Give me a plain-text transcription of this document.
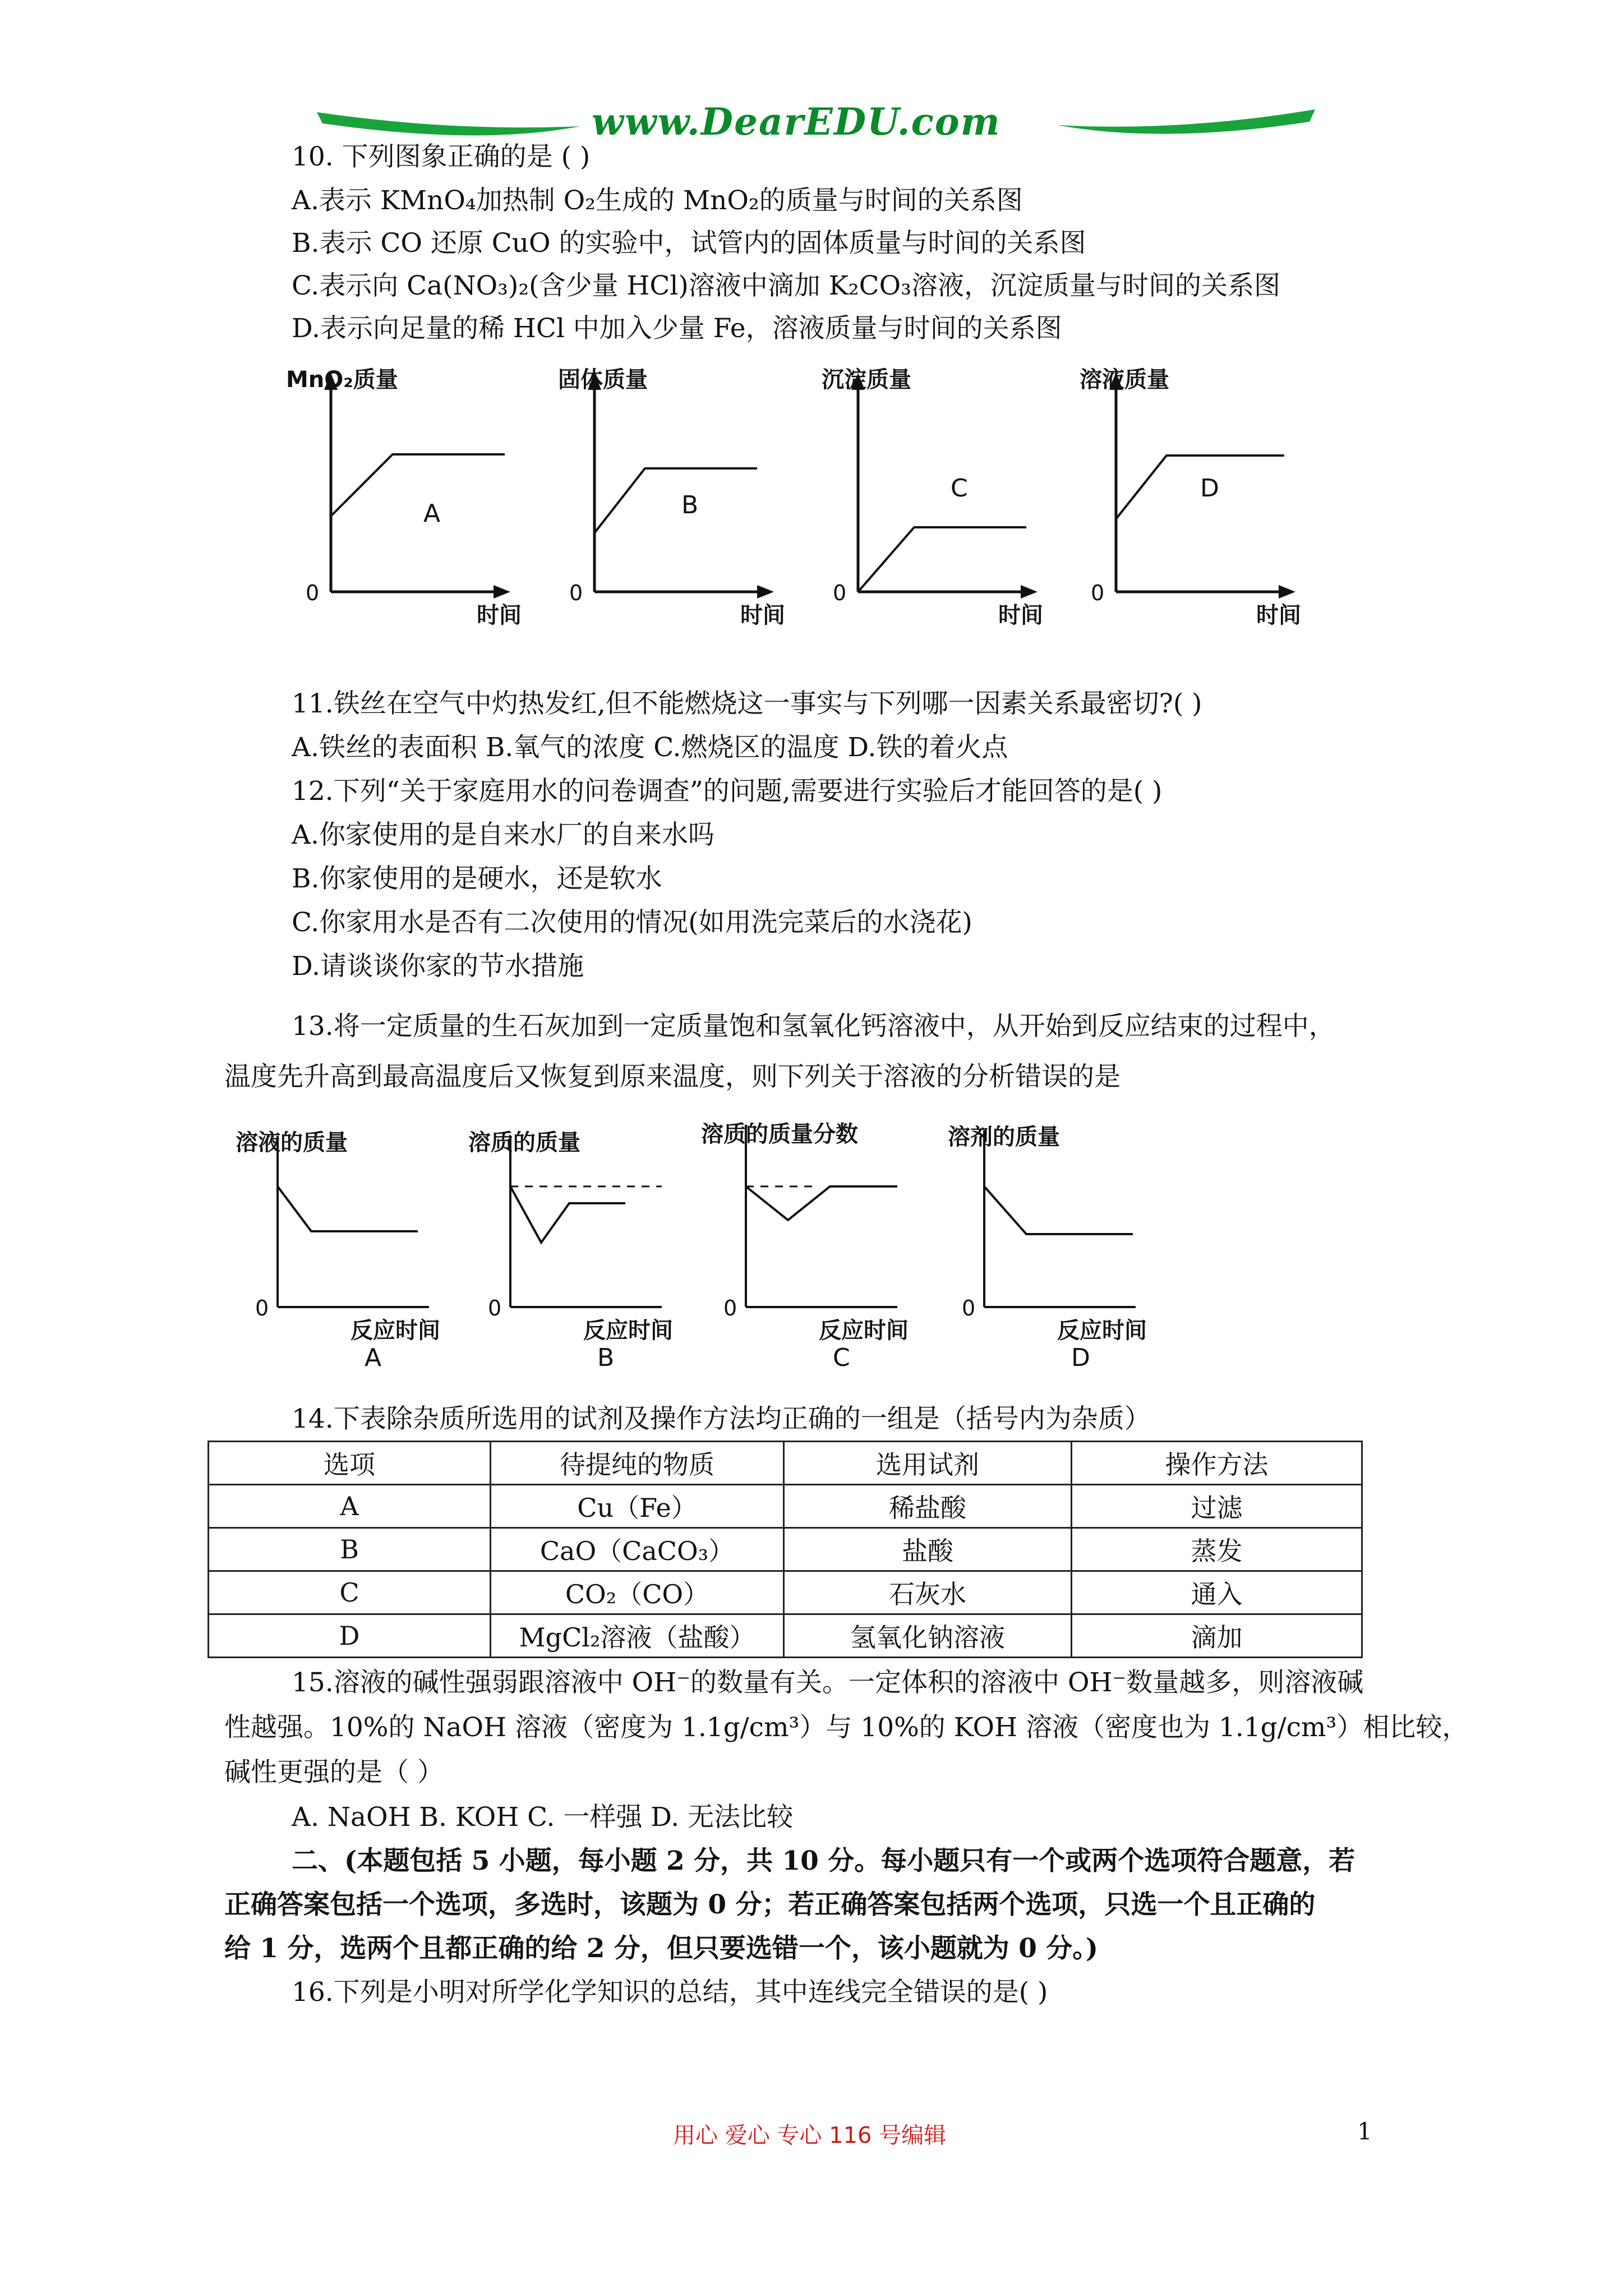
www.DearEDU.com
10. 下列图象正确的是 ( )
A.表示 KMnO₄加热制 O₂生成的 MnO₂的质量与时间的关系图
B.表示 CO 还原 CuO 的实验中，试管内的固体质量与时间的关系图
C.表示向 Ca(NO₃)₂(含少量 HCl)溶液中滴加 K₂CO₃溶液，沉淀质量与时间的关系图
D.表示向足量的稀 HCl 中加入少量 Fe，溶液质量与时间的关系图
MnO₂质量
A
0
时间
固体质量
B
0
时间
沉淀质量
C
0
时间
溶液质量
D
0
时间
11.铁丝在空气中灼热发红,但不能燃烧这一事实与下列哪一因素关系最密切?( )
A.铁丝的表面积 B.氧气的浓度 C.燃烧区的温度 D.铁的着火点
12.下列“关于家庭用水的问卷调查”的问题,需要进行实验后才能回答的是( )
A.你家使用的是自来水厂的自来水吗
B.你家使用的是硬水，还是软水
C.你家用水是否有二次使用的情况(如用洗完菜后的水浇花)
D.请谈谈你家的节水措施
13.将一定质量的生石灰加到一定质量饱和氢氧化钙溶液中，从开始到反应结束的过程中，
温度先升高到最高温度后又恢复到原来温度，则下列关于溶液的分析错误的是
溶液的质量
0
反应时间
A
溶质的质量
0
反应时间
B
溶质的质量分数
0
反应时间
C
溶剂的质量
0
反应时间
D
14.下表除杂质所选用的试剂及操作方法均正确的一组是（括号内为杂质）
选项	待提纯的物质	选用试剂	操作方法
A	Cu（Fe）	稀盐酸	过滤
B	CaO（CaCO₃）	盐酸	蒸发
C	CO₂（CO）	石灰水	通入
D	MgCl₂溶液（盐酸）	氢氧化钠溶液	滴加
15.溶液的碱性强弱跟溶液中 OH⁻的数量有关。一定体积的溶液中 OH⁻数量越多，则溶液碱
性越强。10%的 NaOH 溶液（密度为 1.1g/cm³）与 10%的 KOH 溶液（密度也为 1.1g/cm³）相比较，
碱性更强的是（ ）
A. NaOH B. KOH C. 一样强 D. 无法比较
二、(本题包括 5 小题，每小题 2 分，共 10 分。每小题只有一个或两个选项符合题意，若
正确答案包括一个选项，多选时，该题为 0 分；若正确答案包括两个选项，只选一个且正确的
给 1 分，选两个且都正确的给 2 分，但只要选错一个，该小题就为 0 分。)
16.下列是小明对所学化学知识的总结，其中连线完全错误的是( )
用心 爱心 专心 116 号编辑	1
